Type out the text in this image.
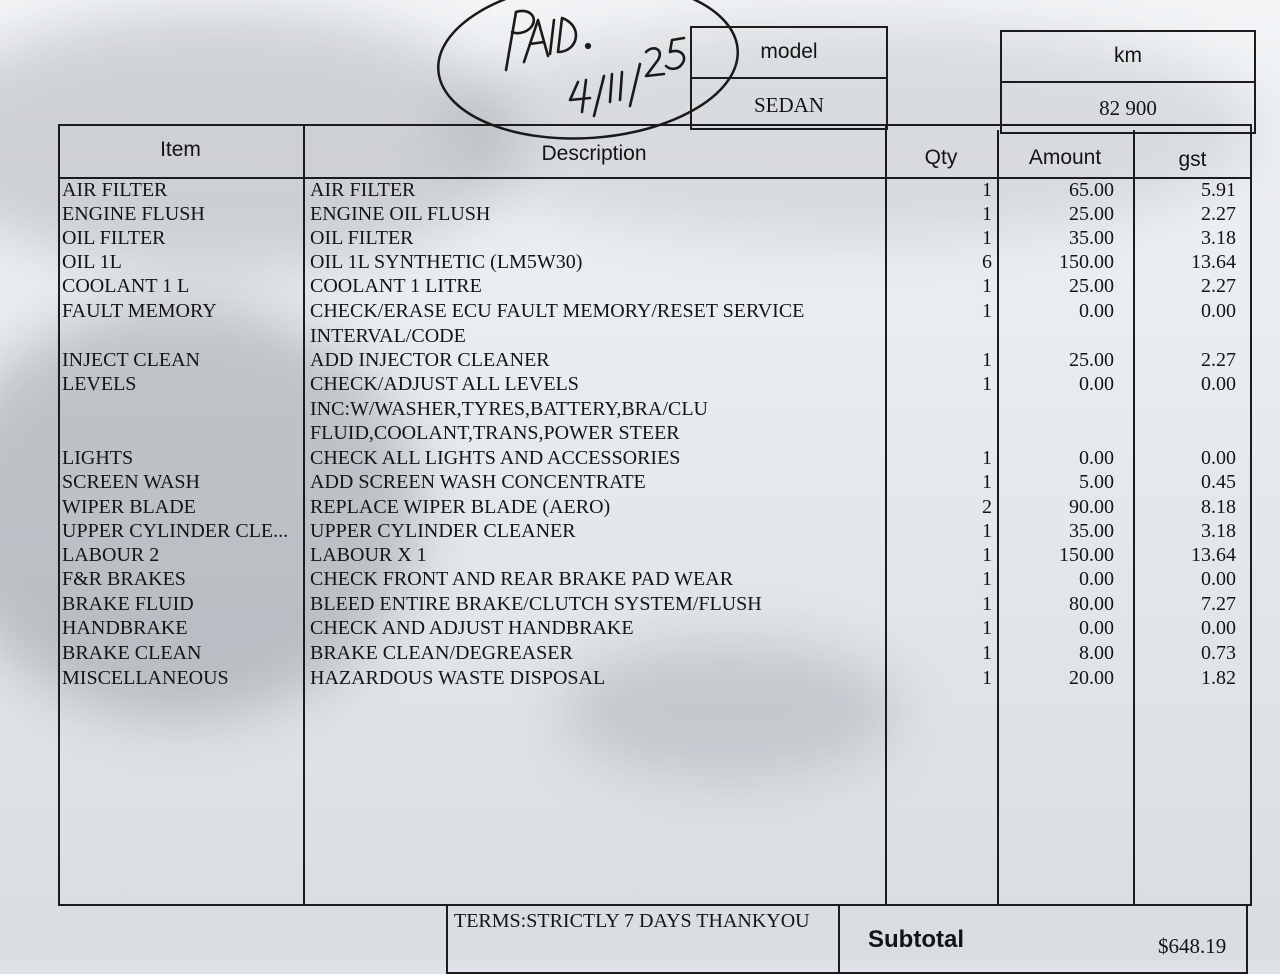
model
SEDAN
km
82 900
Item	Description	Qty	Amount	gst
AIR FILTER	AIR FILTER	1	65.00	5.91
ENGINE FLUSH	ENGINE OIL FLUSH	1	25.00	2.27
OIL FILTER	OIL FILTER	1	35.00	3.18
OIL 1L	OIL 1L SYNTHETIC (LM5W30)	6	150.00	13.64
COOLANT 1 L	COOLANT 1 LITRE	1	25.00	2.27
FAULT MEMORY	CHECK/ERASE ECU FAULT MEMORY/RESET SERVICE	1	0.00	0.00
INTERVAL/CODE
INJECT CLEAN	ADD INJECTOR CLEANER	1	25.00	2.27
LEVELS	CHECK/ADJUST ALL LEVELS	1	0.00	0.00
INC:W/WASHER,TYRES,BATTERY,BRA/CLU
FLUID,COOLANT,TRANS,POWER STEER
LIGHTS	CHECK ALL LIGHTS AND ACCESSORIES	1	0.00	0.00
SCREEN WASH	ADD SCREEN WASH CONCENTRATE	1	5.00	0.45
WIPER BLADE	REPLACE WIPER BLADE (AERO)	2	90.00	8.18
UPPER CYLINDER CLE...	UPPER CYLINDER CLEANER	1	35.00	3.18
LABOUR 2	LABOUR X 1	1	150.00	13.64
F&R BRAKES	CHECK FRONT AND REAR BRAKE PAD WEAR	1	0.00	0.00
BRAKE FLUID	BLEED ENTIRE BRAKE/CLUTCH SYSTEM/FLUSH	1	80.00	7.27
HANDBRAKE	CHECK AND ADJUST HANDBRAKE	1	0.00	0.00
BRAKE CLEAN	BRAKE CLEAN/DEGREASER	1	8.00	0.73
MISCELLANEOUS	HAZARDOUS WASTE DISPOSAL	1	20.00	1.82
TERMS:STRICTLY 7 DAYS THANKYOU
Subtotal	$648.19
